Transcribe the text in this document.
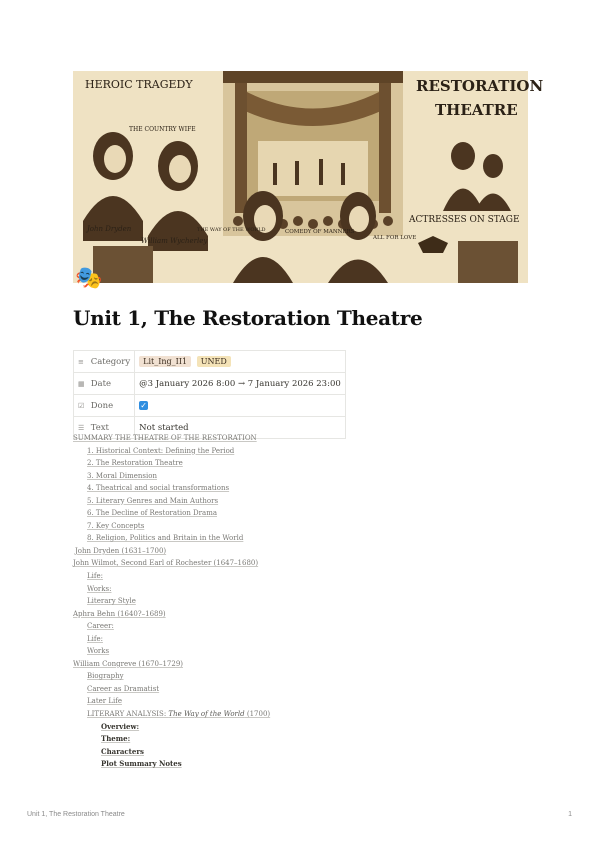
HEROIC TRAGEDY	RESTORATION
THEATRE
THE COUNTRY WIFE
John Dryden
William Wycherley
THE WAY OF THE WORLD	COMEDY OF MANNERS
ALL FOR LOVE
ACTRESSES ON STAGE
🎭
Unit 1, The Restoration Theatre
≡ Category	Lit_Ing_II1 UNED
▦ Date	@3 January 2026 8:00 → 7 January 2026 23:00
☑ Done	✓
☰ Text	Not started
SUMMARY THE THEATRE OF THE RESTORATION
1. Historical Context: Defining the Period
2. The Restoration Theatre
3. Moral Dimension
4. Theatrical and social transformations
5. Literary Genres and Main Authors
6. The Decline of Restoration Drama
7. Key Concepts
8. Religion, Politics and Britain in the World
John Dryden (1631–1700)
John Wilmot, Second Earl of Rochester (1647–1680)
Life:
Works:
Literary Style
Aphra Behn (1640?–1689)
Career:
Life:
Works
William Congreve (1670–1729)
Biography
Career as Dramatist
Later Life
LITERARY ANALYSIS: The Way of the World (1700)
Overview:
Theme:
Characters
Plot Summary Notes
Unit 1, The Restoration Theatre	1
